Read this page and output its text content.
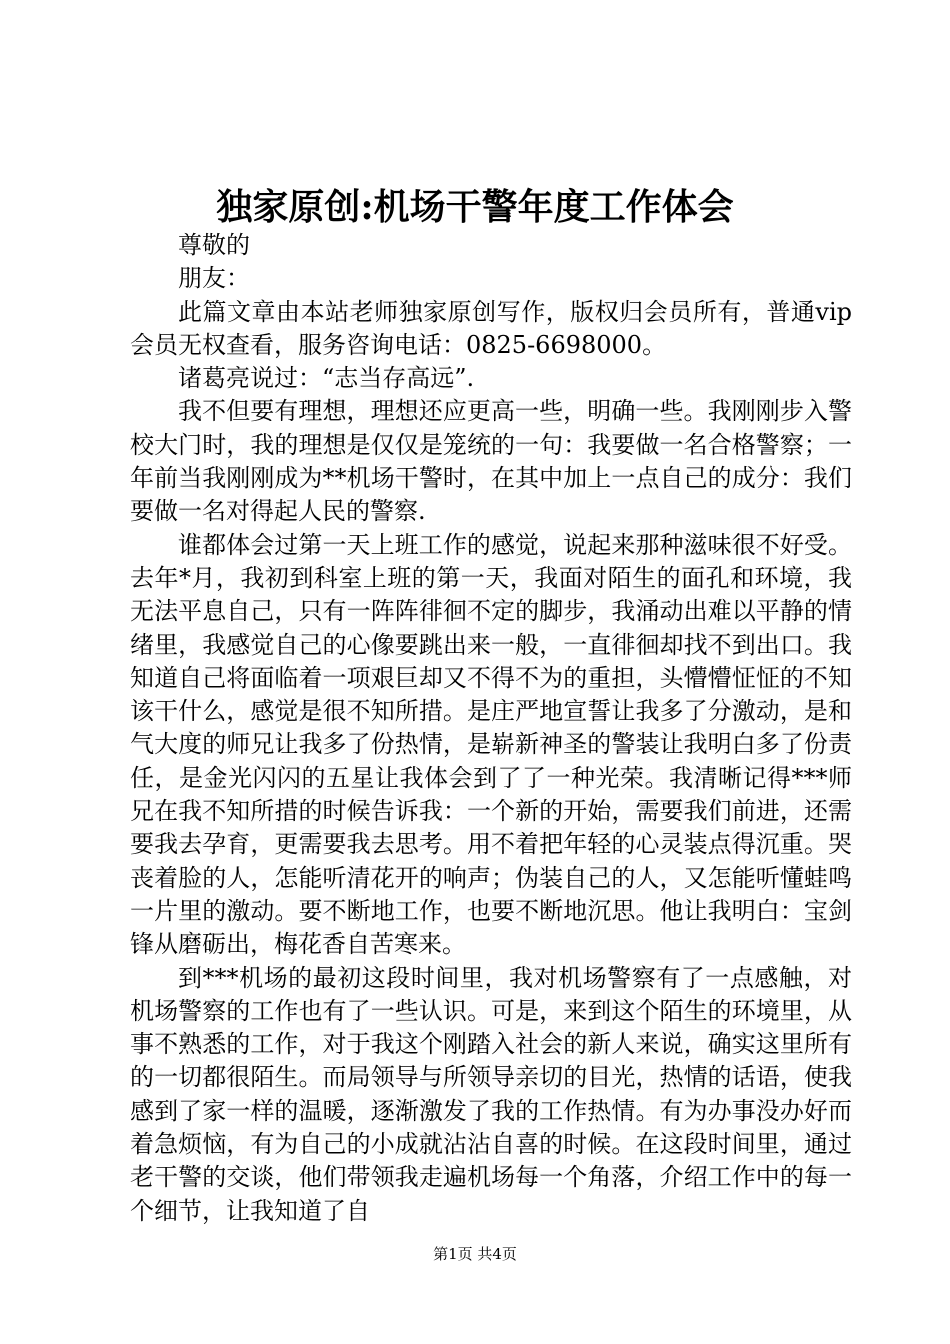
独家原创:机场干警年度工作体会

尊敬的

朋友：

此篇文章由本站老师独家原创写作，版权归会员所有，普通vip会员无权查看，服务咨询电话：0825-6698000。

诸葛亮说过：“志当存高远”.

我不但要有理想，理想还应更高一些，明确一些。我刚刚步入警校大门时，我的理想是仅仅是笼统的一句：我要做一名合格警察；一年前当我刚刚成为**机场干警时，在其中加上一点自己的成分：我们要做一名对得起人民的警察.

谁都体会过第一天上班工作的感觉，说起来那种滋味很不好受。去年*月，我初到科室上班的第一天，我面对陌生的面孔和环境，我无法平息自己，只有一阵阵徘徊不定的脚步，我涌动出难以平静的情绪里，我感觉自己的心像要跳出来一般，一直徘徊却找不到出口。我知道自己将面临着一项艰巨却又不得不为的重担，头懵懵怔怔的不知该干什么，感觉是很不知所措。是庄严地宣誓让我多了分激动，是和气大度的师兄让我多了份热情，是崭新神圣的警装让我明白多了份责任，是金光闪闪的五星让我体会到了了一种光荣。我清晰记得***师兄在我不知所措的时候告诉我：一个新的开始，需要我们前进，还需要我去孕育，更需要我去思考。用不着把年轻的心灵装点得沉重。哭丧着脸的人，怎能听清花开的响声；伪装自己的人，又怎能听懂蛙鸣一片里的激动。要不断地工作，也要不断地沉思。他让我明白：宝剑锋从磨砺出，梅花香自苦寒来。

到***机场的最初这段时间里，我对机场警察有了一点感触，对机场警察的工作也有了一些认识。可是，来到这个陌生的环境里，从事不熟悉的工作，对于我这个刚踏入社会的新人来说，确实这里所有的一切都很陌生。而局领导与所领导亲切的目光，热情的话语，使我感到了家一样的温暖，逐渐激发了我的工作热情。有为办事没办好而着急烦恼，有为自己的小成就沾沾自喜的时候。在这段时间里，通过老干警的交谈，他们带领我走遍机场每一个角落，介绍工作中的每一个细节，让我知道了自

第1页 共4页
